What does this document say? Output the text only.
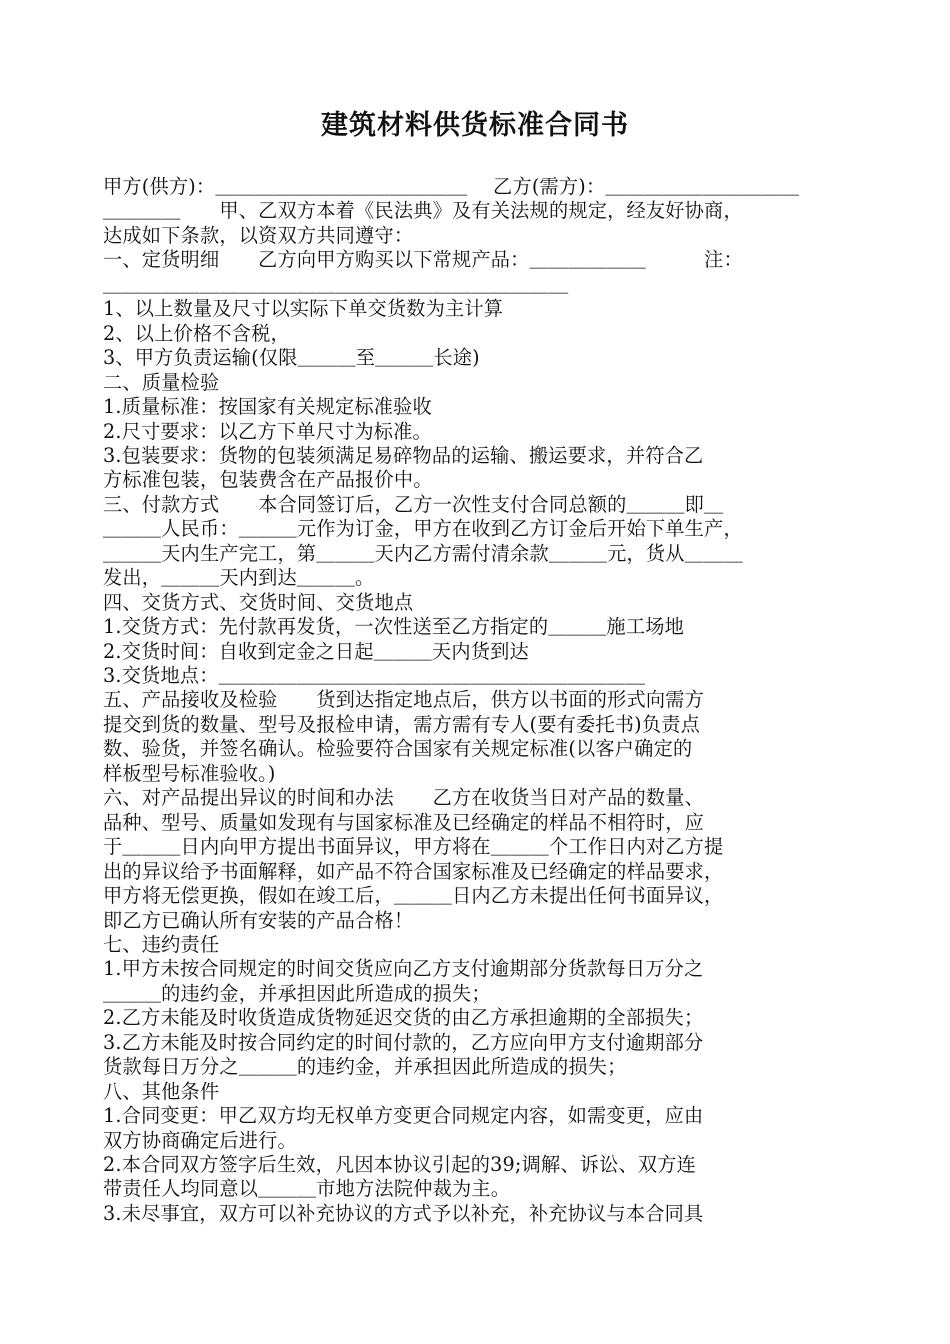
建筑材料供货标准合同书
甲方(供方)：＿＿＿＿＿＿＿＿＿＿＿＿＿　 乙方(需方)：＿＿＿＿＿＿＿＿＿＿
＿＿＿＿　　甲、乙双方本着《民法典》及有关法规的规定，经友好协商，
达成如下条款，以资双方共同遵守：
一、定货明细　　乙方向甲方购买以下常规产品：＿＿＿＿＿＿　　　注：
＿＿＿＿＿＿＿＿＿＿＿＿＿＿＿＿＿＿＿＿＿＿＿＿
1、以上数量及尺寸以实际下单交货数为主计算
2、以上价格不含税，
3、甲方负责运输(仅限＿＿＿至＿＿＿长途)
二、质量检验
1.质量标准：按国家有关规定标准验收
2.尺寸要求：以乙方下单尺寸为标准。
3.包装要求：货物的包装须满足易碎物品的运输、搬运要求，并符合乙
方标准包装，包装费含在产品报价中。
三、付款方式　　本合同签订后，乙方一次性支付合同总额的＿＿＿即＿
＿＿＿人民币：＿＿＿元作为订金，甲方在收到乙方订金后开始下单生产，
＿＿＿天内生产完工，第＿＿＿天内乙方需付清余款＿＿＿元，货从＿＿＿
发出，＿＿＿天内到达＿＿＿。
四、交货方式、交货时间、交货地点
1.交货方式：先付款再发货，一次性送至乙方指定的＿＿＿施工场地
2.交货时间：自收到定金之日起＿＿＿天内货到达
3.交货地点：＿＿＿＿＿＿＿＿＿＿＿＿＿＿＿＿＿＿＿＿＿＿
五、产品接收及检验　　货到达指定地点后，供方以书面的形式向需方
提交到货的数量、型号及报检申请，需方需有专人(要有委托书)负责点
数、验货，并签名确认。检验要符合国家有关规定标准(以客户确定的
样板型号标准验收。)
六、对产品提出异议的时间和办法　　乙方在收货当日对产品的数量、
品种、型号、质量如发现有与国家标准及已经确定的样品不相符时，应
于＿＿＿日内向甲方提出书面异议，甲方将在＿＿＿个工作日内对乙方提
出的异议给予书面解释，如产品不符合国家标准及已经确定的样品要求，
甲方将无偿更换，假如在竣工后，＿＿＿日内乙方未提出任何书面异议，
即乙方已确认所有安装的产品合格！
七、违约责任
1.甲方未按合同规定的时间交货应向乙方支付逾期部分货款每日万分之
＿＿＿的违约金，并承担因此所造成的损失；
2.乙方未能及时收货造成货物延迟交货的由乙方承担逾期的全部损失；
3.乙方未能及时按合同约定的时间付款的，乙方应向甲方支付逾期部分
货款每日万分之＿＿＿的违约金，并承担因此所造成的损失；
八、其他条件
1.合同变更：甲乙双方均无权单方变更合同规定内容，如需变更，应由
双方协商确定后进行。
2.本合同双方签字后生效，凡因本协议引起的39;调解、诉讼、双方连
带责任人均同意以＿＿＿市地方法院仲裁为主。
3.未尽事宜，双方可以补充协议的方式予以补充，补充协议与本合同具
